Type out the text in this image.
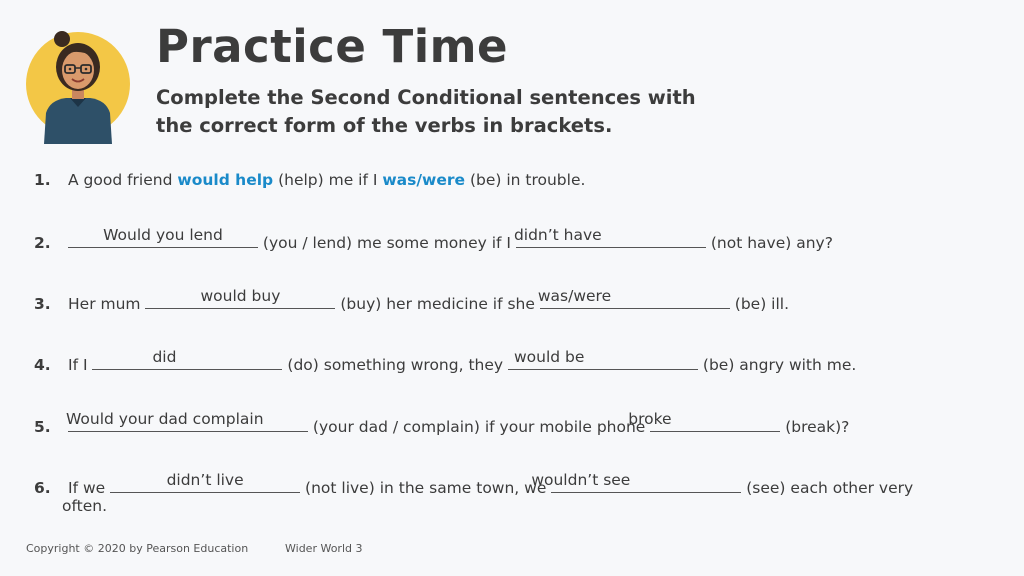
Practice Time
Complete the Second Conditional sentences with the correct form of the verbs in brackets.
1. A good friend would help (help) me if I was/were (be) in trouble.
2.	Would you lend	(you / lend) me some money if I
didn’t have	(not have) any?
3. Her mum	would buy	(buy) her medicine if she
was/were	(be) ill.
4. If I	did	(do) something wrong, they would be	(be) angry with me.
5. Would your dad complain	(your dad / complain) if your mobile phone
broke	(break)?
6. If we	didn’t live	(not live) in the same town, we
wouldn’t see	(see) each other very
often.
Copyright © 2020 by Pearson Education	Wider World 3
